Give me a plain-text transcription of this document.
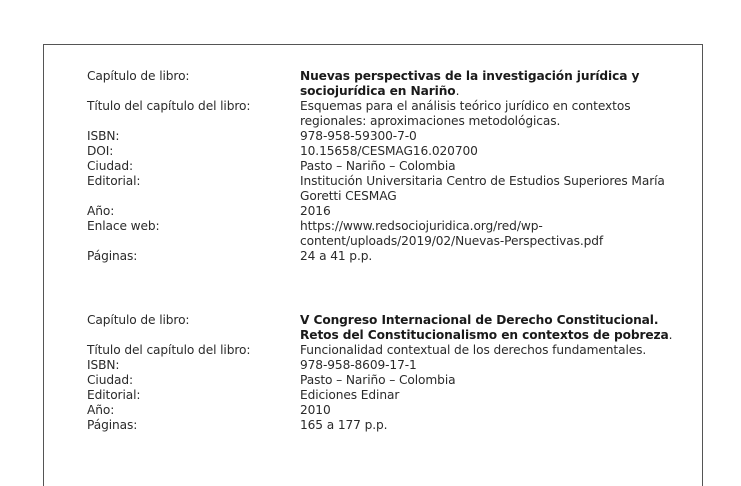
Capítulo de libro:	Nuevas perspectivas de la investigación jurídica y sociojurídica en Nariño.
Título del capítulo del libro:	Esquemas para el análisis teórico jurídico en contextos regionales: aproximaciones metodológicas.
ISBN:	978-958-59300-7-0
DOI:	10.15658/CESMAG16.020700
Ciudad:	Pasto – Nariño – Colombia
Editorial:	Institución Universitaria Centro de Estudios Superiores María Goretti CESMAG
Año:	2016
Enlace web:	https://www.redsociojuridica.org/red/wp-content/uploads/2019/02/Nuevas-Perspectivas.pdf
Páginas:	24 a 41 p.p.
Capítulo de libro:	V Congreso Internacional de Derecho Constitucional. Retos del Constitucionalismo en contextos de pobreza.
Título del capítulo del libro:	Funcionalidad contextual de los derechos fundamentales.
ISBN:	978-958-8609-17-1
Ciudad:	Pasto – Nariño – Colombia
Editorial:	Ediciones Edinar
Año:	2010
Páginas:	165 a 177 p.p.
